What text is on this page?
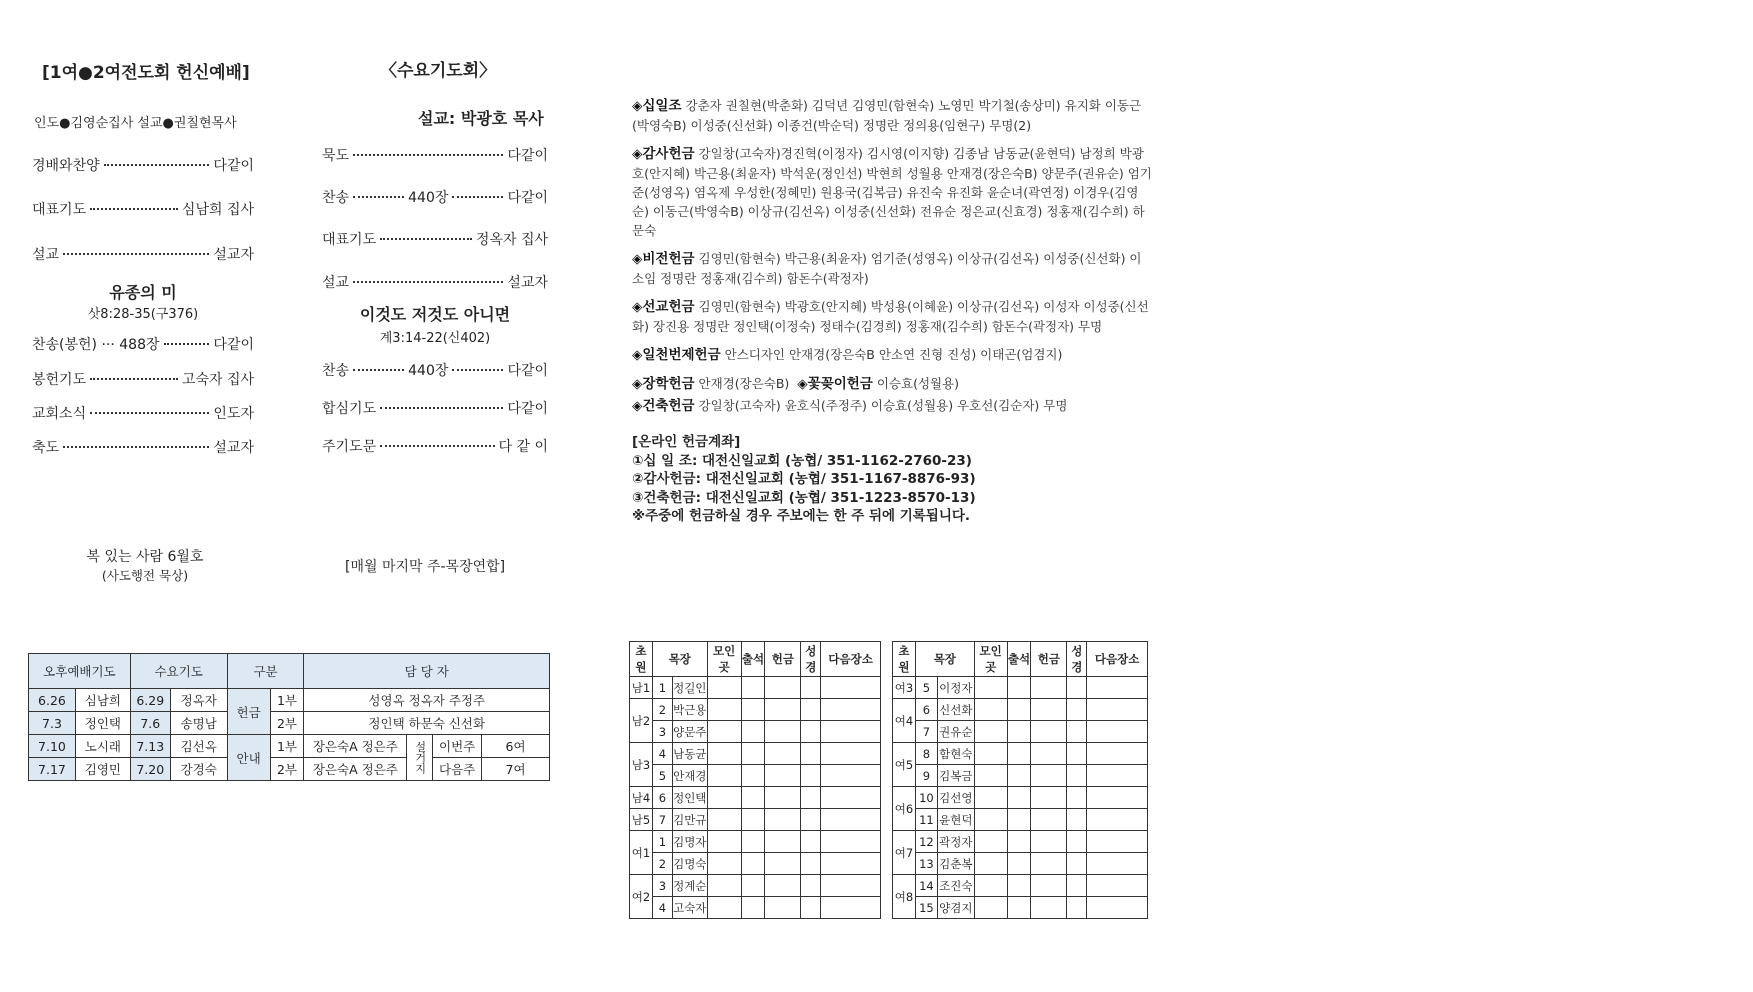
[1여●2여전도회 헌신예배]
인도●김영순집사 설교●권칠현목사
경배와찬양	다같이
대표기도	심남희 집사
설교	설교자
유종의 미
삿8:28-35(구376)
찬송(봉헌) ··· 488장	다같이
봉헌기도	고숙자 집사
교회소식	인도자
축도	설교자
복 있는 사람 6월호
(사도행전 묵상)
〈수요기도회〉
설교: 박광호 목사
묵도	다같이
찬송	440장	다같이
대표기도	정옥자 집사
설교	설교자
이것도 저것도 아니면
계3:14-22(신402)
찬송	440장	다같이
합심기도	다같이
주기도문	다 같 이
[매월 마지막 주-목장연합]

◈십일조 강춘자 권칠현(박춘화) 김덕년 김영민(함현숙) 노영민 박기철(송상미) 유지화 이동근(박영숙B) 이성중(신선화) 이종건(박순덕) 정명란 정의용(임현구) 무명(2)

◈감사헌금 강일창(고숙자)경진혁(이정자) 김시영(이지향) 김종남 남동균(윤현덕) 남정희 박광호(안지혜) 박근용(최윤자) 박석운(정인선) 박현희 성월용 안재경(장은숙B) 양문주(권유순) 엄기준(성영옥) 염옥제 우성한(정혜민) 원용국(김복금) 유진숙 유진화 윤순녀(곽연정) 이경우(김영순) 이동근(박영숙B) 이상규(김선옥) 이성중(신선화) 전유순 정은교(신효경) 정홍재(김수희) 하문숙

◈비전헌금 김영민(함현숙) 박근용(최윤자) 엄기준(성영옥) 이상규(김선옥) 이성중(신선화) 이소임 정명란 정홍재(김수희) 함돈수(곽정자)

◈선교헌금 김영민(함현숙) 박광호(안지혜) 박성용(이혜윤) 이상규(김선옥) 이성자 이성중(신선화) 장진용 정명란 정인택(이정숙) 정태수(김경희) 정홍재(김수희) 함돈수(곽정자) 무명

◈일천번제헌금 안스디자인 안재경(장은숙B 안소연 진형 진성) 이태곤(엄겸지)

◈장학헌금 안재경(장은숙B) ◈꽃꽂이헌금 이승효(성월용)

◈건축헌금 강일창(고숙자) 윤호식(주정주) 이승효(성월용) 우호선(김순자) 무명

[온라인 헌금계좌]
①십 일 조: 대전신일교회 (농협/ 351-1162-2760-23)
②감사헌금: 대전신일교회 (농협/ 351-1167-8876-93)
③건축헌금: 대전신일교회 (농협/ 351-1223-8570-13)
※주중에 헌금하실 경우 주보에는 한 주 뒤에 기록됩니다.
오후예배기도		수요기도		구분		담 당 자			
6.26	심남희	6.29	정옥자	헌금	1부	성영옥 정옥자 주정주			
7.3	정인택	7.6	송명남		2부	정인택 하문숙 신선화			
7.10	노시래	7.13	김선옥	안내	1부	장은숙A 정은주	설거지	이번주	6여
7.17	김영민	7.20	강경숙		2부	장은숙A 정은주		다음주	7여
초원	목장		모인곳	출석	헌금	성경	다음장소
남1	1	정길인					
남2	2	박근용					
	3	양문주					
남3	4	남동균					
	5	안재경					
남4	6	정인택					
남5	7	김만규					
여1	1	김명자					
	2	김명숙					
여2	3	정계순					
	4	고숙자					
초원	목장		모인곳	출석	헌금	성경	다음장소
여3	5	이정자					
여4	6	신선화					
	7	권유순					
여5	8	함현숙					
	9	김복금					
여6	10	김선영					
	11	윤현덕					
여7	12	곽정자					
	13	김춘복					
여8	14	조진숙					
	15	양겸지					
